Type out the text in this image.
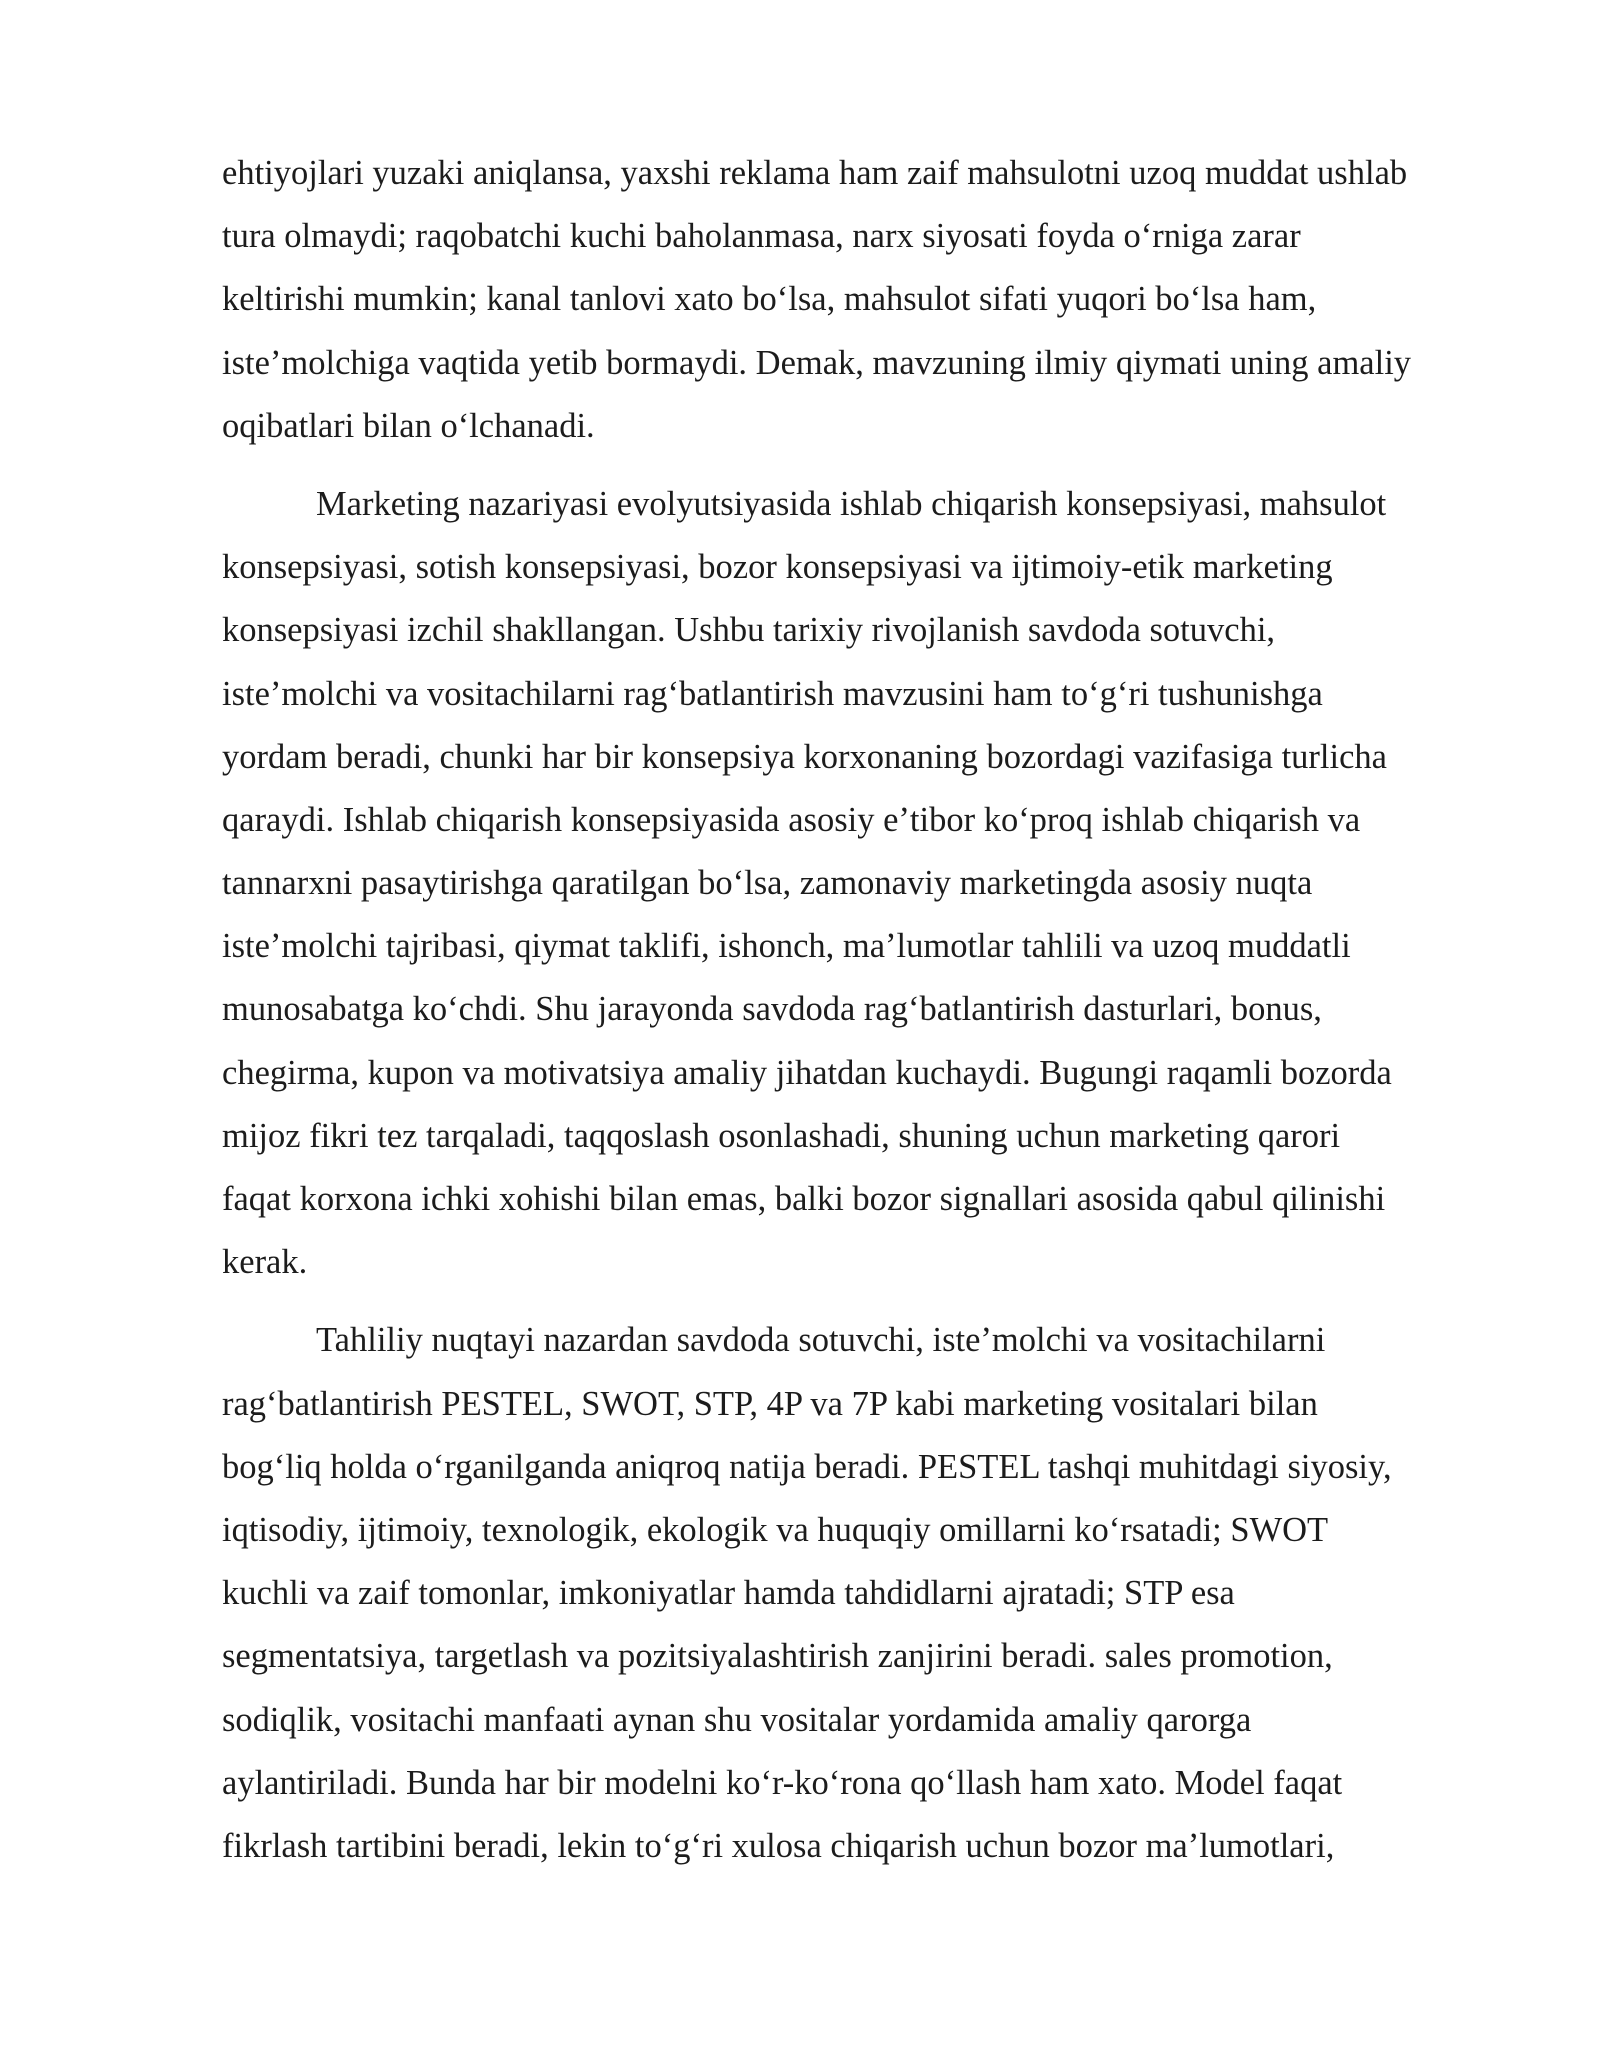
ehtiyojlari yuzaki aniqlansa, yaxshi reklama ham zaif mahsulotni uzoq muddat ushlab
tura olmaydi; raqobatchi kuchi baholanmasa, narx siyosati foyda oʻrniga zarar
keltirishi mumkin; kanal tanlovi xato boʻlsa, mahsulot sifati yuqori boʻlsa ham,
isteʼmolchiga vaqtida yetib bormaydi. Demak, mavzuning ilmiy qiymati uning amaliy
oqibatlari bilan oʻlchanadi.
Marketing nazariyasi evolyutsiyasida ishlab chiqarish konsepsiyasi, mahsulot
konsepsiyasi, sotish konsepsiyasi, bozor konsepsiyasi va ijtimoiy-etik marketing
konsepsiyasi izchil shakllangan. Ushbu tarixiy rivojlanish savdoda sotuvchi,
isteʼmolchi va vositachilarni ragʻbatlantirish mavzusini ham toʻgʻri tushunishga
yordam beradi, chunki har bir konsepsiya korxonaning bozordagi vazifasiga turlicha
qaraydi. Ishlab chiqarish konsepsiyasida asosiy eʼtibor koʻproq ishlab chiqarish va
tannarxni pasaytirishga qaratilgan boʻlsa, zamonaviy marketingda asosiy nuqta
isteʼmolchi tajribasi, qiymat taklifi, ishonch, maʼlumotlar tahlili va uzoq muddatli
munosabatga koʻchdi. Shu jarayonda savdoda ragʻbatlantirish dasturlari, bonus,
chegirma, kupon va motivatsiya amaliy jihatdan kuchaydi. Bugungi raqamli bozorda
mijoz fikri tez tarqaladi, taqqoslash osonlashadi, shuning uchun marketing qarori
faqat korxona ichki xohishi bilan emas, balki bozor signallari asosida qabul qilinishi
kerak.
Tahliliy nuqtayi nazardan savdoda sotuvchi, isteʼmolchi va vositachilarni
ragʻbatlantirish PESTEL, SWOT, STP, 4P va 7P kabi marketing vositalari bilan
bogʻliq holda oʻrganilganda aniqroq natija beradi. PESTEL tashqi muhitdagi siyosiy,
iqtisodiy, ijtimoiy, texnologik, ekologik va huquqiy omillarni koʻrsatadi; SWOT
kuchli va zaif tomonlar, imkoniyatlar hamda tahdidlarni ajratadi; STP esa
segmentatsiya, targetlash va pozitsiyalashtirish zanjirini beradi. sales promotion,
sodiqlik, vositachi manfaati aynan shu vositalar yordamida amaliy qarorga
aylantiriladi. Bunda har bir modelni koʻr-koʻrona qoʻllash ham xato. Model faqat
fikrlash tartibini beradi, lekin toʻgʻri xulosa chiqarish uchun bozor maʼlumotlari,
